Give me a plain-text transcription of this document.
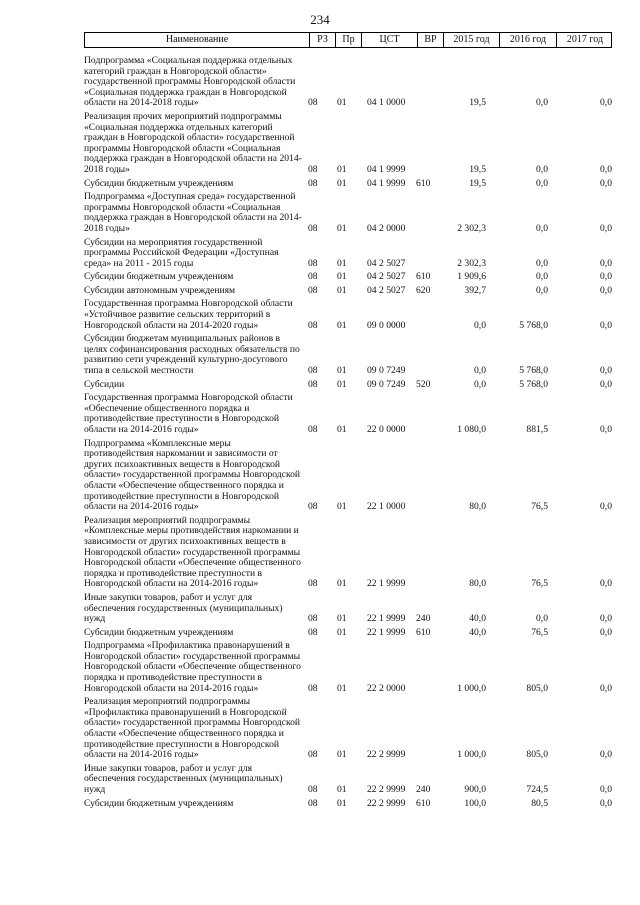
234
Наименование	РЗ	Пр	ЦСТ	ВР	2015 год	2016 год	2017 год
Подпрограмма «Социальная поддержка отдельных категорий граждан в Новгородской области» государственной программы Новгородской области «Социальная поддержка граждан в Новгородской области на 2014-2018 годы»	08 01 04 1 0000	19,5	0,0	0,0
Реализация прочих мероприятий подпрограммы «Социальная поддержка отдельных категорий граждан в Новгородской области» государственной программы Новгородской области «Социальная поддержка граждан в Новгородской области на 2014-2018 годы»	08 01 04 1 9999	19,5	0,0	0,0
Субсидии бюджетным учреждениям	08 01 04 1 9999 610	19,5	0,0	0,0
Подпрограмма «Доступная среда» государственной программы Новгородской области «Социальная поддержка граждан в Новгородской области на 2014-2018 годы»	08 01 04 2 0000	2 302,3	0,0	0,0
Субсидии на мероприятия государственной программы Российской Федерации «Доступная среда» на 2011 - 2015 годы	08 01 04 2 5027	2 302,3	0,0	0,0
Субсидии бюджетным учреждениям	08 01 04 2 5027 610	1 909,6	0,0	0,0
Субсидии автономным учреждениям	08 01 04 2 5027 620	392,7	0,0	0,0
Государственная программа Новгородской области «Устойчивое развитие сельских территорий в Новгородской области на 2014-2020 годы»	08 01 09 0 0000	0,0	5 768,0	0,0
Субсидии бюджетам муниципальных районов в целях софинансирования расходных обязательств по развитию сети учреждений культурно-досугового типа в сельской местности	08 01 09 0 7249	0,0	5 768,0	0,0
Субсидии	08 01 09 0 7249 520	0,0	5 768,0	0,0
Государственная программа Новгородской области «Обеспечение общественного порядка и противодействие преступности в Новгородской области на 2014-2016 годы»	08 01 22 0 0000	1 080,0	881,5	0,0
Подпрограмма «Комплексные меры противодействия наркомании и зависимости от других психоактивных веществ в Новгородской области» государственной программы Новгородской области «Обеспечение общественного порядка и противодействие преступности в Новгородской области на 2014-2016 годы»	08 01 22 1 0000	80,0	76,5	0,0
Реализация мероприятий подпрограммы «Комплексные меры противодействия наркомании и зависимости от других психоактивных веществ в Новгородской области» государственной программы Новгородской области «Обеспечение общественного порядка и противодействие преступности в Новгородской области на 2014-2016 годы»	08 01 22 1 9999	80,0	76,5	0,0
Иные закупки товаров, работ и услуг для обеспечения государственных (муниципальных) нужд	08 01 22 1 9999 240	40,0	0,0	0,0
Субсидии бюджетным учреждениям	08 01 22 1 9999 610	40,0	76,5	0,0
Подпрограмма «Профилактика правонарушений в Новгородской области» государственной программы Новгородской области «Обеспечение общественного порядка и противодействие преступности в Новгородской области на 2014-2016 годы»	08 01 22 2 0000	1 000,0	805,0	0,0
Реализация мероприятий подпрограммы «Профилактика правонарушений в Новгородской области» государственной программы Новгородской области «Обеспечение общественного порядка и противодействие преступности в Новгородской области на 2014-2016 годы»	08 01 22 2 9999	1 000,0	805,0	0,0
Иные закупки товаров, работ и услуг для обеспечения государственных (муниципальных) нужд	08 01 22 2 9999 240	900,0	724,5	0,0
Субсидии бюджетным учреждениям	08 01 22 2 9999 610	100,0	80,5	0,0
